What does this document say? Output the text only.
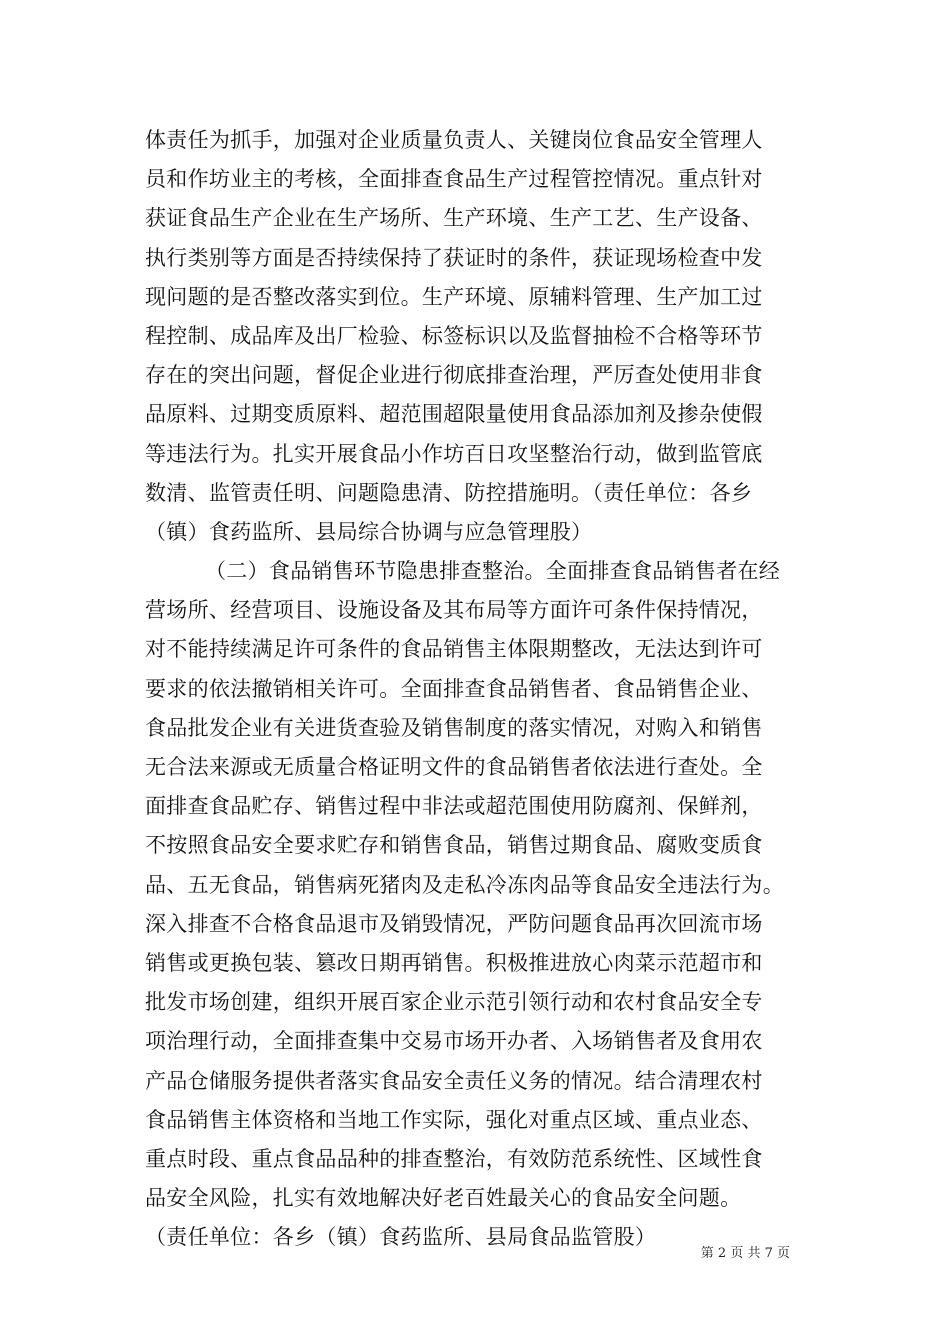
体责任为抓手，加强对企业质量负责人、关键岗位食品安全管理人
员和作坊业主的考核，全面排查食品生产过程管控情况。重点针对
获证食品生产企业在生产场所、生产环境、生产工艺、生产设备、
执行类别等方面是否持续保持了获证时的条件，获证现场检查中发
现问题的是否整改落实到位。生产环境、原辅料管理、生产加工过
程控制、成品库及出厂检验、标签标识以及监督抽检不合格等环节
存在的突出问题，督促企业进行彻底排查治理，严厉查处使用非食
品原料、过期变质原料、超范围超限量使用食品添加剂及掺杂使假
等违法行为。扎实开展食品小作坊百日攻坚整治行动，做到监管底
数清、监管责任明、问题隐患清、防控措施明。（责任单位：各乡
（镇）食药监所、县局综合协调与应急管理股）
（二）食品销售环节隐患排查整治。全面排查食品销售者在经
营场所、经营项目、设施设备及其布局等方面许可条件保持情况，
对不能持续满足许可条件的食品销售主体限期整改，无法达到许可
要求的依法撤销相关许可。全面排查食品销售者、食品销售企业、
食品批发企业有关进货查验及销售制度的落实情况，对购入和销售
无合法来源或无质量合格证明文件的食品销售者依法进行查处。全
面排查食品贮存、销售过程中非法或超范围使用防腐剂、保鲜剂，
不按照食品安全要求贮存和销售食品，销售过期食品、腐败变质食
品、五无食品，销售病死猪肉及走私冷冻肉品等食品安全违法行为。
深入排查不合格食品退市及销毁情况，严防问题食品再次回流市场
销售或更换包装、篡改日期再销售。积极推进放心肉菜示范超市和
批发市场创建，组织开展百家企业示范引领行动和农村食品安全专
项治理行动，全面排查集中交易市场开办者、入场销售者及食用农
产品仓储服务提供者落实食品安全责任义务的情况。结合清理农村
食品销售主体资格和当地工作实际，强化对重点区域、重点业态、
重点时段、重点食品品种的排查整治，有效防范系统性、区域性食
品安全风险，扎实有效地解决好老百姓最关心的食品安全问题。
（责任单位：各乡（镇）食药监所、县局食品监管股）
第 2 页 共 7 页
